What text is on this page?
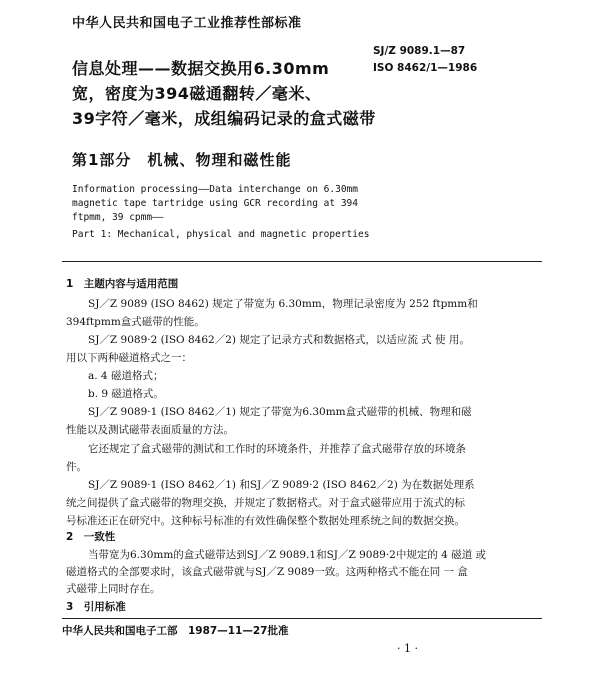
中华人民共和国电子工业推荐性部标准
信息处理——数据交换用6.30mm
宽，密度为394磁通翻转／毫米、
39字符／毫米，成组编码记录的盒式磁带
SJ/Z 9089.1—87
ISO 8462/1—1986
第1部分　机械、物理和磁性能
Information processing——Data interchange on 6.30mm
magnetic tape tartridge using GCR recording at 394
ftpmm, 39 cpmm——
Part 1: Mechanical, physical and magnetic properties
1　主题内容与适用范围
SJ／Z 9089 (ISO 8462) 规定了带宽为 6.30mm，物理记录密度为 252 ftpmm和
394ftpmm盒式磁带的性能。
SJ／Z 9089·2 (ISO 8462／2) 规定了记录方式和数据格式，以适应流 式 使 用。
用以下两种磁道格式之一：
a. 4 磁道格式；
b. 9 磁道格式。
SJ／Z 9089·1 (ISO 8462／1) 规定了带宽为6.30mm盒式磁带的机械、物理和磁
性能以及测试磁带表面质量的方法。
它还规定了盒式磁带的测试和工作时的环境条件，并推荐了盒式磁带存放的环境条
件。
SJ／Z 9089·1 (ISO 8462／1) 和SJ／Z 9089·2 (ISO 8462／2) 为在数据处理系
统之间提供了盒式磁带的物理交换，并规定了数据格式。对于盒式磁带应用于流式的标
号标准还正在研究中。这种标号标准的有效性确保整个数据处理系统之间的数据交换。
2　一致性
当带宽为6.30mm的盒式磁带达到SJ／Z 9089.1和SJ／Z 9089·2中规定的 4 磁道 或
磁道格式的全部要求时，该盒式磁带就与SJ／Z 9089一致。这两种格式不能在同 一 盒
式磁带上同时存在。
中华人民共和国电子工部　1987—11—27批准
· 1 ·
3　引用标准
